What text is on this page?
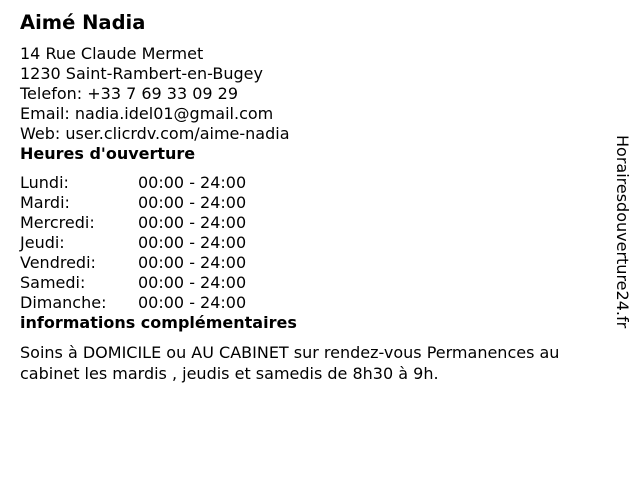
Aimé Nadia
14 Rue Claude Mermet
1230 Saint-Rambert-en-Bugey
Telefon: +33 7 69 33 09 29
Email: nadia.idel01@gmail.com
Web: user.clicrdv.com/aime-nadia
Heures d'ouverture
Lundi:	00:00 - 24:00
Mardi:	00:00 - 24:00
Mercredi:	00:00 - 24:00
Jeudi:	00:00 - 24:00
Vendredi:	00:00 - 24:00
Samedi:	00:00 - 24:00
Dimanche:	00:00 - 24:00
informations complémentaires
Soins à DOMICILE ou AU CABINET sur rendez-vous Permanences au cabinet les mardis , jeudis et samedis de 8h30 à 9h.
Horairesdouverture24.fr
